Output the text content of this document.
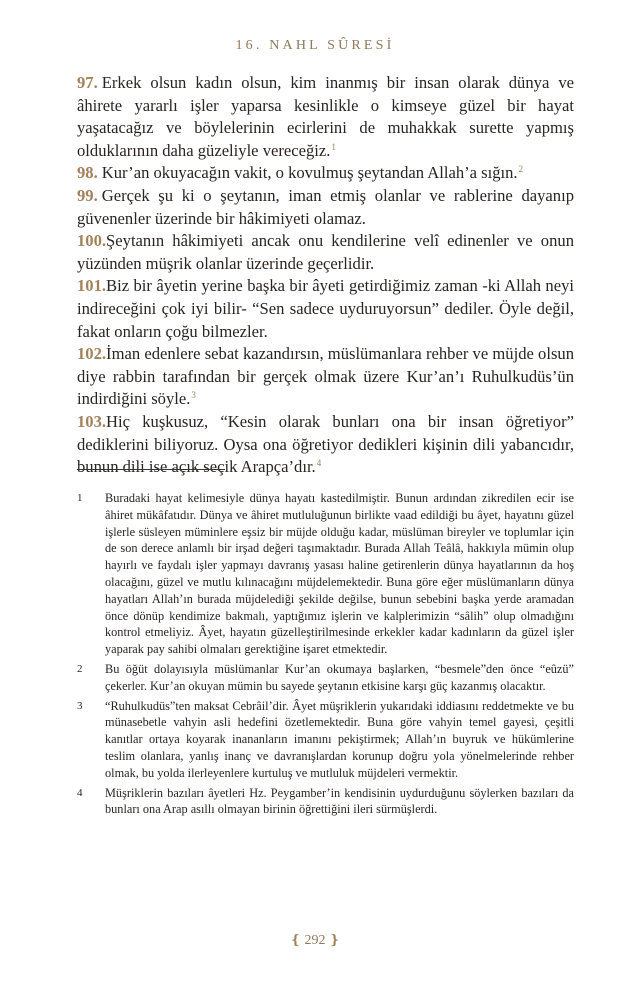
16. NAHL SÛRESİ

97. Erkek olsun kadın olsun, kim inanmış bir insan olarak dünya ve âhirete yararlı işler yaparsa kesinlikle o kimseye güzel bir hayat yaşatacağız ve böylelerinin ecirlerini de muhakkak surette yapmış olduklarının daha güzeliyle vereceğiz.$^1$

98. Kur’an okuyacağın vakit, o kovulmuş şeytandan Allah’a sığın.$^2$

99. Gerçek şu ki o şeytanın, iman etmiş olanlar ve rablerine dayanıp güvenenler üzerinde bir hâkimiyeti olamaz.

100.Şeytanın hâkimiyeti ancak onu kendilerine velî edinenler ve onun yüzünden müşrik olanlar üzerinde geçerlidir.

101.Biz bir âyetin yerine başka bir âyeti getirdiğimiz zaman -ki Allah neyi indireceğini çok iyi bilir- “Sen sadece uyduruyorsun” dediler. Öyle değil, fakat onların çoğu bilmezler.

102.İman edenlere sebat kazandırsın, müslümanlara rehber ve müjde olsun diye rabbin tarafından bir gerçek olmak üzere Kur’an’ı Ruhulkudüs’ün indirdiğini söyle.$^3$

103.Hiç kuşkusuz, “Kesin olarak bunları ona bir insan öğretiyor” dediklerini biliyoruz. Oysa ona öğretiyor dedikleri kişinin dili yabancıdır, bunun dili ise açık seçik Arapça’dır.$^4$

1	Buradaki hayat kelimesiyle dünya hayatı kastedilmiştir. Bunun ardından zikredilen ecir ise âhiret mükâfatıdır. Dünya ve âhiret mutluluğunun birlikte vaad edildiği bu âyet, hayatını güzel işlerle süsleyen müminlere eşsiz bir müjde olduğu kadar, müslüman bireyler ve toplumlar için de son derece anlamlı bir irşad değeri taşımaktadır. Burada Allah Teâlâ, hakkıyla mümin olup hayırlı ve faydalı işler yapmayı davranış yasası haline getirenlerin dünya hayatlarının da hoş olacağını, güzel ve mutlu kılınacağını müjdelemektedir. Buna göre eğer müslümanların dünya hayatları Allah’ın burada müjdelediği şekilde değilse, bunun sebebini başka yerde aramadan önce dönüp kendimize bakmalı, yaptığımız işlerin ve kalplerimizin “sâlih” olup olmadığını kontrol etmeliyiz. Âyet, hayatın güzelleştirilmesinde erkekler kadar kadınların da güzel işler yaparak pay sahibi olmaları gerektiğine işaret etmektedir.
2	Bu öğüt dolayısıyla müslümanlar Kur’an okumaya başlarken, “besmele”den önce “eûzü” çekerler. Kur’an okuyan mümin bu sayede şeytanın etkisine karşı güç kazanmış olacaktır.
3	“Ruhulkudüs”ten maksat Cebrâil’dir. Âyet müşriklerin yukarıdaki iddiasını reddetmekte ve bu münasebetle vahyin asli hedefini özetlemektedir. Buna göre vahyin temel gayesi, çeşitli kanıtlar ortaya koyarak inananların imanını pekiştirmek; Allah’ın buyruk ve hükümlerine teslim olanlara, yanlış inanç ve davranışlardan korunup doğru yola yönelmelerinde rehber olmak, bu yolda ilerleyenlere kurtuluş ve mutluluk müjdeleri vermektir.
4	Müşriklerin bazıları âyetleri Hz. Peygamber’in kendisinin uydurduğunu söylerken bazıları da bunları ona Arap asıllı olmayan birinin öğrettiğini ileri sürmüşlerdi.
❴ 292 ❵
